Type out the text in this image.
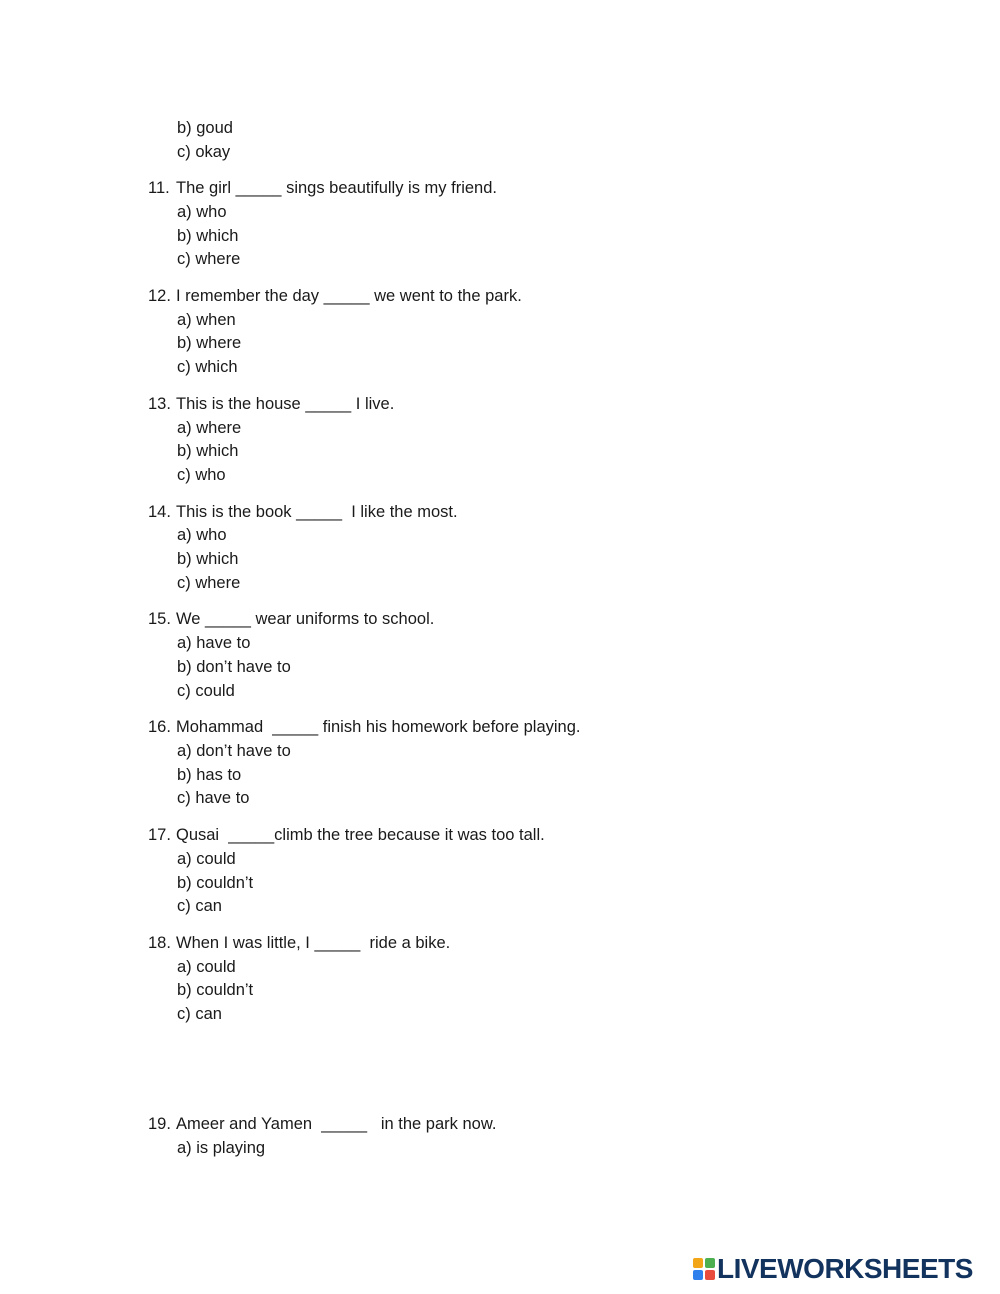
b) goud
c) okay
11. The girl _____ sings beautifully is my friend.
a) who
b) which
c) where
12. I remember the day _____ we went to the park.
a) when
b) where
c) which
13. This is the house _____ I live.
a) where
b) which
c) who
14. This is the book _____  I like the most.
a) who
b) which
c) where
15. We _____ wear uniforms to school.
a) have to
b) don’t have to
c) could
16. Mohammad  _____ finish his homework before playing.
a) don’t have to
b) has to
c) have to
17. Qusai  _____climb the tree because it was too tall.
a) could
b) couldn’t
c) can
18. When I was little, I _____  ride a bike.
a) could
b) couldn’t
c) can
19. Ameer and Yamen  _____   in the park now.
a) is playing
LIVEWORKSHEETS
